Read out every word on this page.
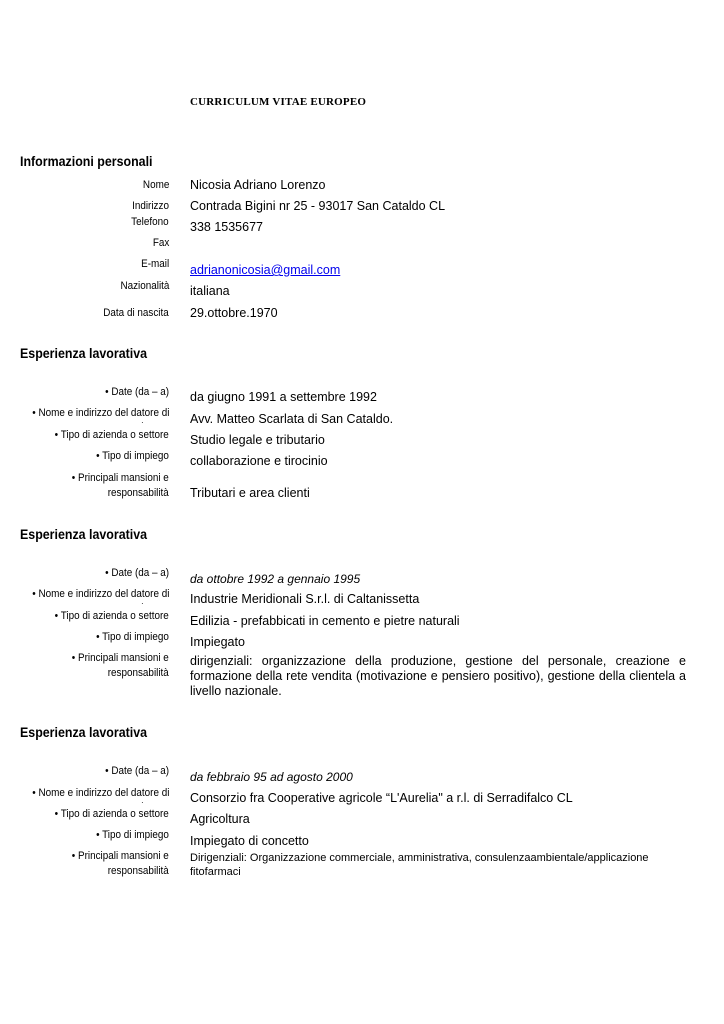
CURRICULUM VITAE EUROPEO
Informazioni personali
Nome Nicosia Adriano Lorenzo
Indirizzo Contrada Bigini nr 25 - 93017 San Cataldo CL
Telefono 338 1535677
Fax
E-mail adrianonicosia@gmail.com
Nazionalità italiana
Data di nascita 29.ottobre.1970
Esperienza lavorativa
• Date (da – a) da giugno 1991 a settembre 1992
• Nome e indirizzo del datore di
·	Avv. Matteo Scarlata di San Cataldo.
• Tipo di azienda o settore Studio legale e tributario
• Tipo di impiego collaborazione e tirocinio
• Principali mansioni e
responsabilità Tributari e area clienti
Esperienza lavorativa
• Date (da – a) da ottobre 1992 a gennaio 1995
• Nome e indirizzo del datore di
·	Industrie Meridionali S.r.l. di Caltanissetta
• Tipo di azienda o settore Edilizia - prefabbicati in cemento e pietre naturali
• Tipo di impiego Impiegato
• Principali mansioni e
responsabilità
dirigenziali: organizzazione della produzione, gestione del personale, creazione e formazione della rete vendita (motivazione e pensiero positivo), gestione della clientela a livello nazionale.
Esperienza lavorativa
• Date (da – a) da febbraio 95 ad agosto 2000
• Nome e indirizzo del datore di
·	Consorzio fra Cooperative agricole “L'Aurelia" a r.l. di Serradifalco CL
• Tipo di azienda o settore Agricoltura
• Tipo di impiego Impiegato di concetto
• Principali mansioni e
responsabilità
Dirigenziali: Organizzazione commerciale, amministrativa, consulenzaambientale/applicazione fitofarmaci
